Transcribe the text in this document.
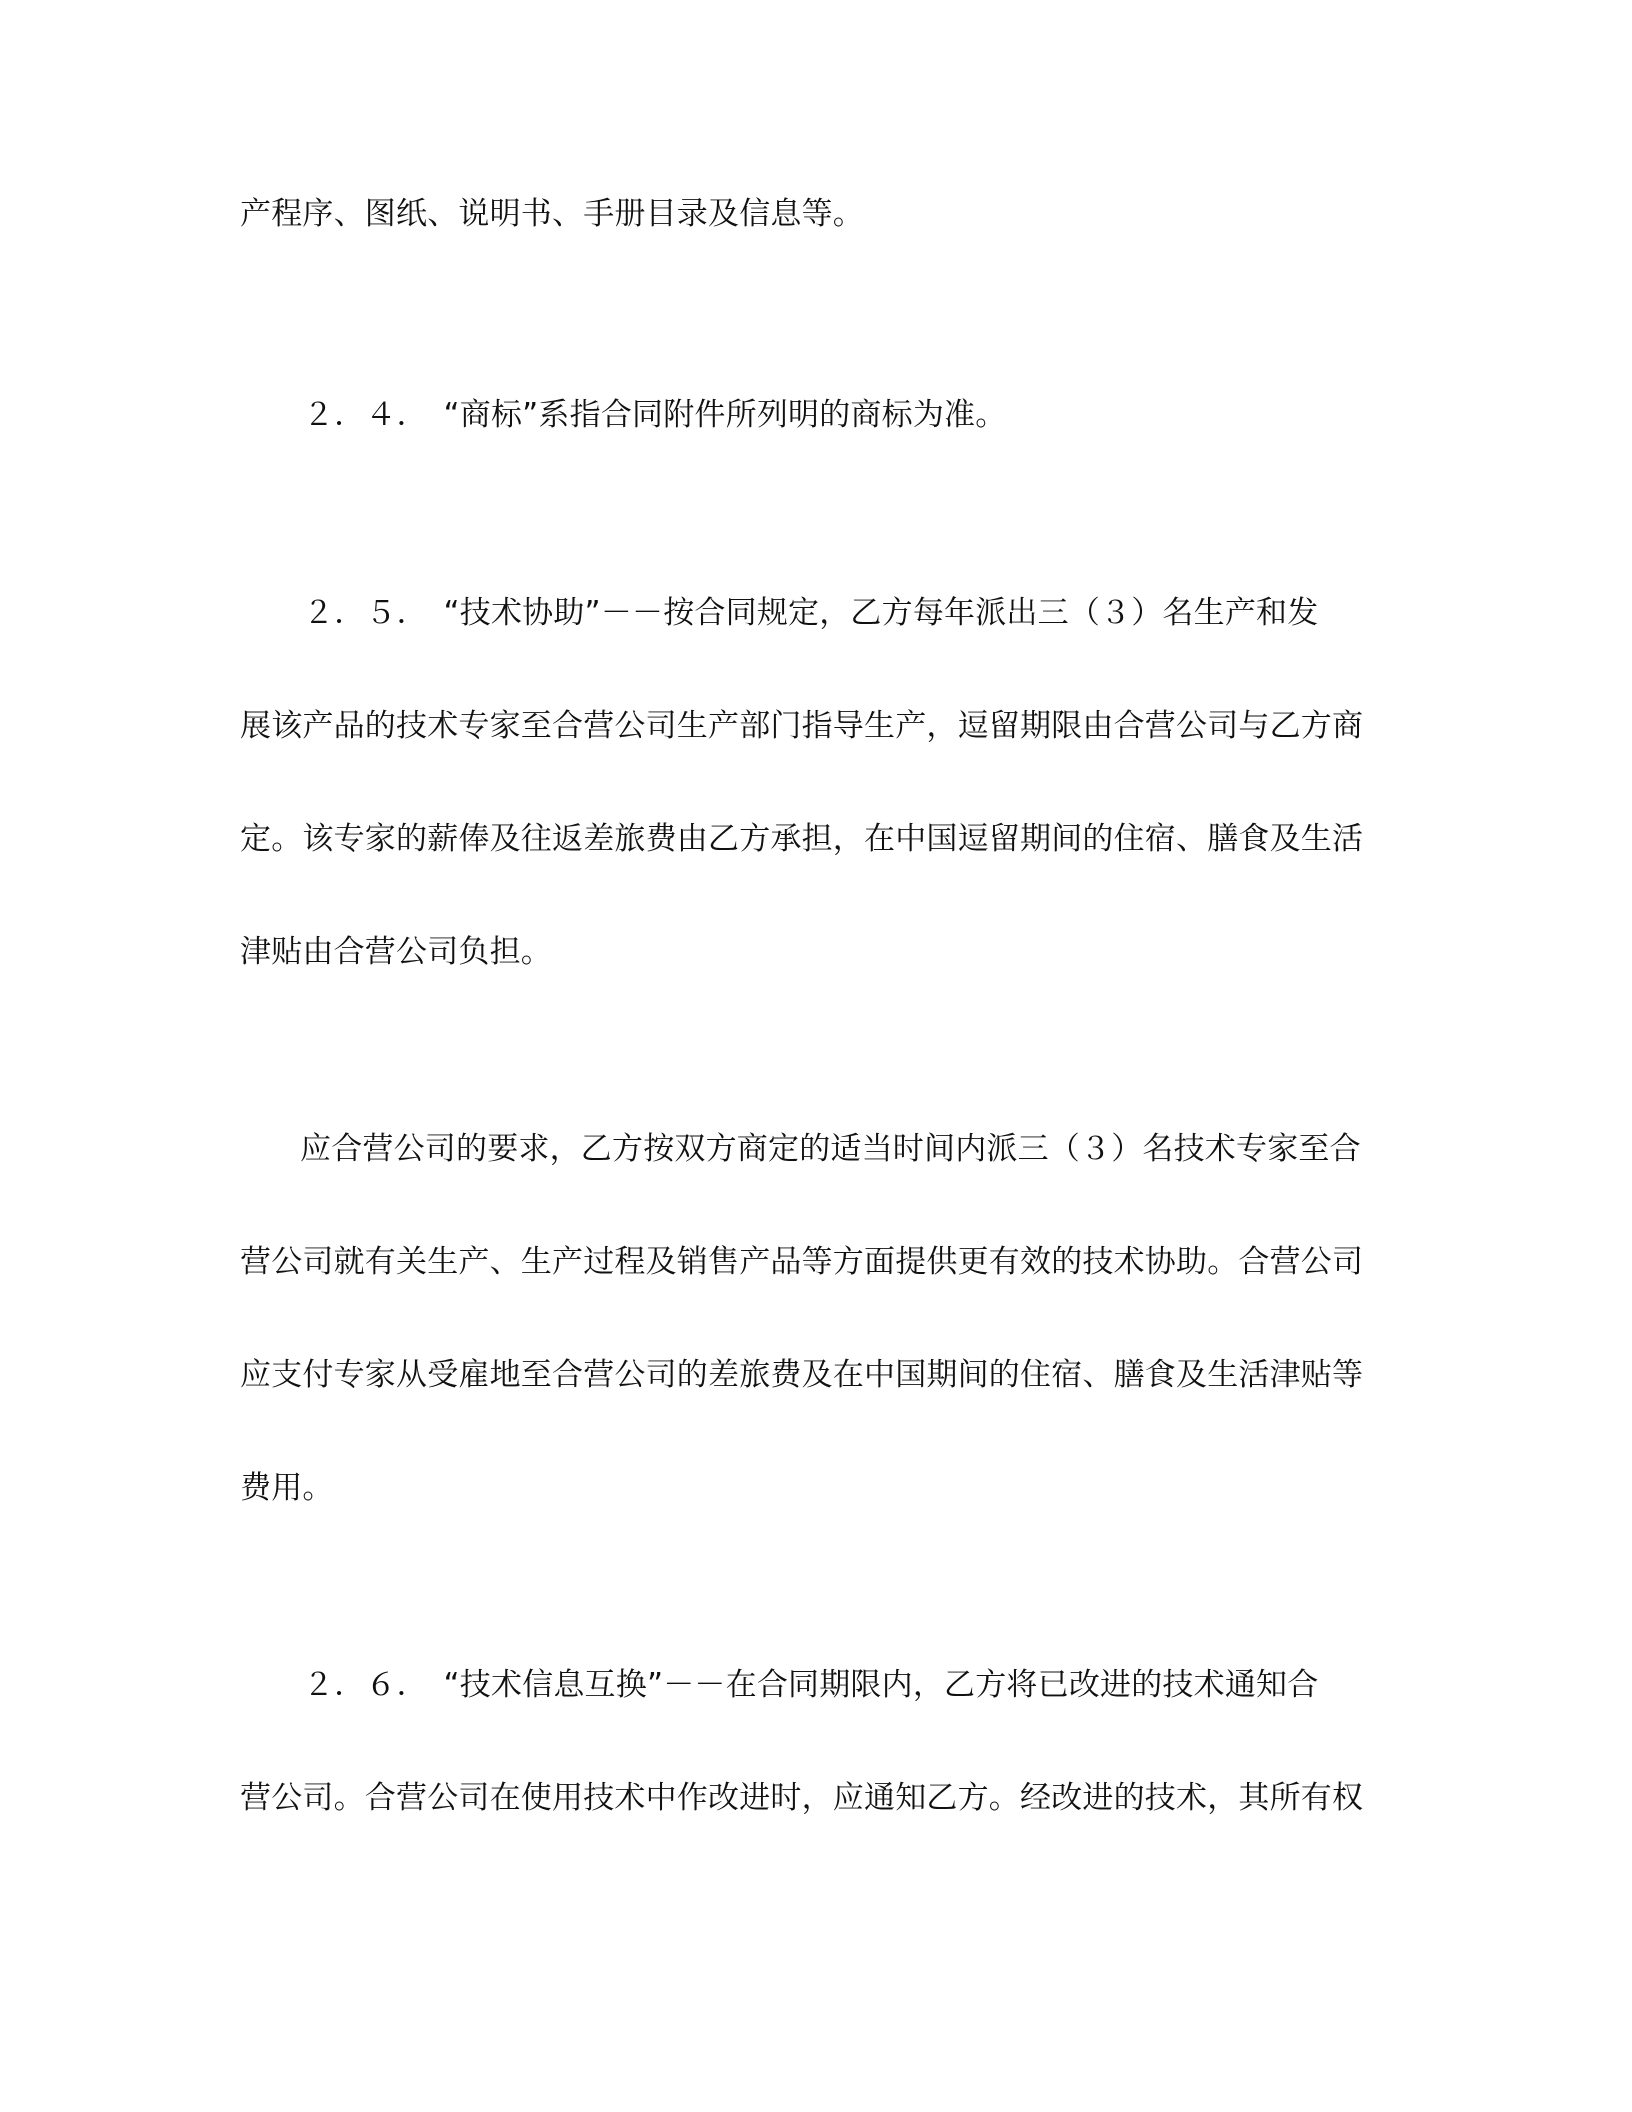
产程序、图纸、说明书、手册目录及信息等。
２．４．　“商标”系指合同附件所列明的商标为准。
２．５．　“技术协助”－－按合同规定，乙方每年派出三（３）名生产和发
展该产品的技术专家至合营公司生产部门指导生产，逗留期限由合营公司与乙方商
定。该专家的薪俸及往返差旅费由乙方承担，在中国逗留期间的住宿、膳食及生活
津贴由合营公司负担。
应合营公司的要求，乙方按双方商定的适当时间内派三（３）名技术专家至合
营公司就有关生产、生产过程及销售产品等方面提供更有效的技术协助。合营公司
应支付专家从受雇地至合营公司的差旅费及在中国期间的住宿、膳食及生活津贴等
费用。
２．６．　“技术信息互换”－－在合同期限内，乙方将已改进的技术通知合
营公司。合营公司在使用技术中作改进时，应通知乙方。经改进的技术，其所有权
